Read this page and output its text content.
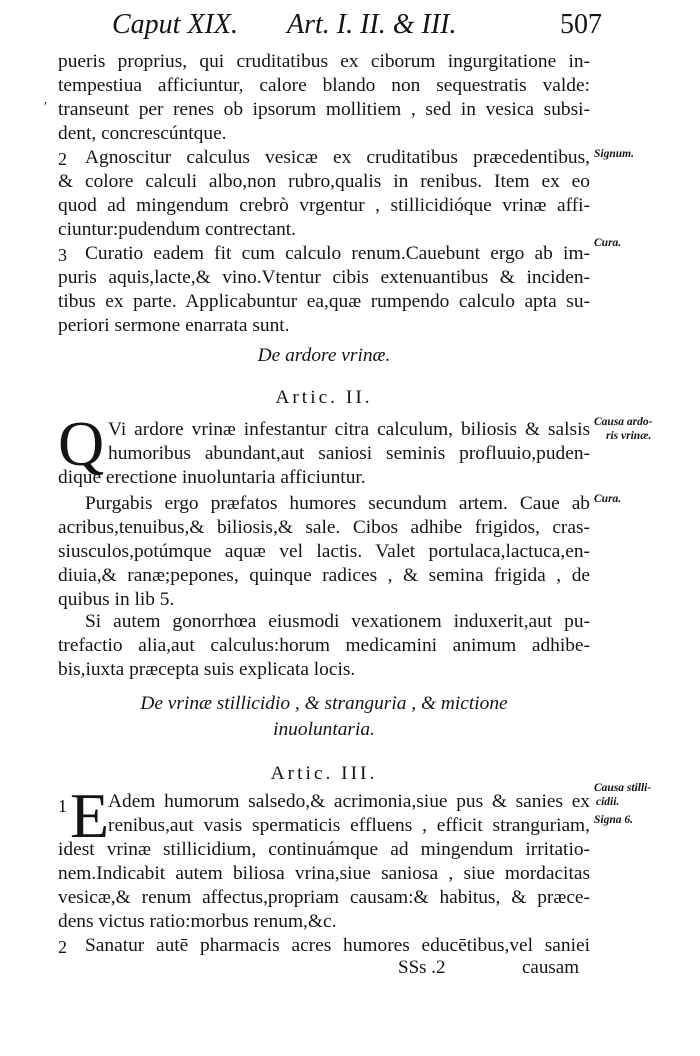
Caput XIX. Art. I. II. & III.	507
pueris proprius, qui cruditatibus ex ciborum ingurgitatione in-
tempestiua afficiuntur, calore blando non sequestratis valde:
′ transeunt per renes ob ipsorum mollitiem , sed in vesica subsi-
dent, concrescúntque.
2 Agnoscitur calculus vesicæ ex cruditatibus præcedentibus,
& colore calculi albo,non rubro,qualis in renibus. Item ex eo
quod ad mingendum crebrò vrgentur , stillicidióque vrinæ affi-
ciuntur:pudendum contrectant.
Signum.
3 Curatio eadem fit cum calculo renum.Cauebunt ergo ab im-
puris aquis,lacte,& vino.Vtentur cibis extenuantibus & inciden-
tibus ex parte. Applicabuntur ea,quæ rumpendo calculo apta su-
periori sermone enarrata sunt.
Cura.
De ardore vrinæ.
Artic. II.
Q Vi ardore vrinæ infestantur citra calculum, biliosis & salsis
humoribus abundant,aut saniosi seminis profluuio,puden-
dique erectione inuoluntaria afficiuntur.
Causa ardo-
ris vrinæ.
Purgabis ergo præfatos humores secundum artem. Caue ab
acribus,tenuibus,& biliosis,& sale. Cibos adhibe frigidos, cras-
siusculos,potúmque aquæ vel lactis. Valet portulaca,lactuca,en-
diuia,& ranæ;pepones, quinque radices , & semina frigida , de
quibus in lib 5.
Cura.
Si autem gonorrhœa eiusmodi vexationem induxerit,aut pu-
trefactio alia,aut calculus:horum medicamini animum adhibe-
bis,iuxta præcepta suis explicata locis.
De vrinæ stillicidio , & stranguria , & mictione
inuoluntaria.
Artic. III.
1 E
Adem humorum salsedo,& acrimonia,siue pus & sanies ex
renibus,aut vasis spermaticis effluens , efficit stranguriam,
idest vrinæ stillicidium, continuámque ad mingendum irritatio-
nem.Indicabit autem biliosa vrina,siue saniosa , siue mordacitas
vesicæ,& renum affectus,propriam causam:& habitus, & præce-
dens victus ratio:morbus renum,&c.
Causa stilli-
cidii.
Signa 6.
2 Sanatur autē pharmacis acres humores educētibus,vel saniei
SSs .2	causam
